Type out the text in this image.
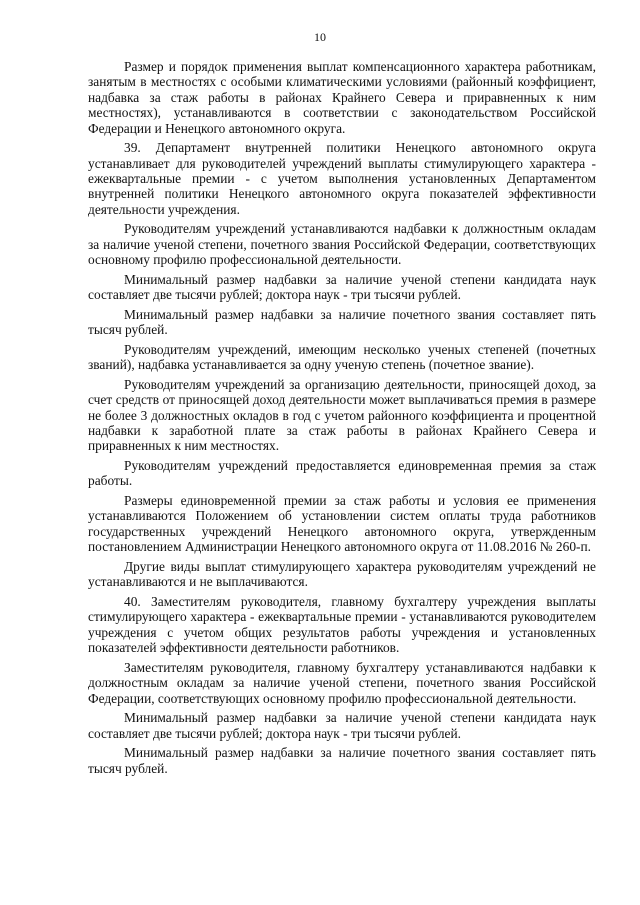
10

Размер и порядок применения выплат компенсационного характера работникам, занятым в местностях с особыми климатическими условиями (районный коэффициент, надбавка за стаж работы в районах Крайнего Севера и приравненных к ним местностях), устанавливаются в соответствии с законодательством Российской Федерации и Ненецкого автономного округа.

39. Департамент внутренней политики Ненецкого автономного округа устанавливает для руководителей учреждений выплаты стимулирующего характера - ежеквартальные премии - с учетом выполнения установленных Департаментом внутренней политики Ненецкого автономного округа показателей эффективности деятельности учреждения.

Руководителям учреждений устанавливаются надбавки к должностным окладам за наличие ученой степени, почетного звания Российской Федерации, соответствующих основному профилю профессиональной деятельности.

Минимальный размер надбавки за наличие ученой степени кандидата наук составляет две тысячи рублей; доктора наук - три тысячи рублей.

Минимальный размер надбавки за наличие почетного звания составляет пять тысяч рублей.

Руководителям учреждений, имеющим несколько ученых степеней (почетных званий), надбавка устанавливается за одну ученую степень (почетное звание).

Руководителям учреждений за организацию деятельности, приносящей доход, за счет средств от приносящей доход деятельности может выплачиваться премия в размере не более 3 должностных окладов в год с учетом районного коэффициента и процентной надбавки к заработной плате за стаж работы в районах Крайнего Севера и приравненных к ним местностях.

Руководителям учреждений предоставляется единовременная премия за стаж работы.

Размеры единовременной премии за стаж работы и условия ее применения устанавливаются Положением об установлении систем оплаты труда работников государственных учреждений Ненецкого автономного округа, утвержденным постановлением Администрации Ненецкого автономного округа от 11.08.2016 № 260-п.

Другие виды выплат стимулирующего характера руководителям учреждений не устанавливаются и не выплачиваются.

40. Заместителям руководителя, главному бухгалтеру учреждения выплаты стимулирующего характера - ежеквартальные премии - устанавливаются руководителем учреждения с учетом общих результатов работы учреждения и установленных показателей эффективности деятельности работников.

Заместителям руководителя, главному бухгалтеру устанавливаются надбавки к должностным окладам за наличие ученой степени, почетного звания Российской Федерации, соответствующих основному профилю профессиональной деятельности.

Минимальный размер надбавки за наличие ученой степени кандидата наук составляет две тысячи рублей; доктора наук - три тысячи рублей.

Минимальный размер надбавки за наличие почетного звания составляет пять тысяч рублей.
